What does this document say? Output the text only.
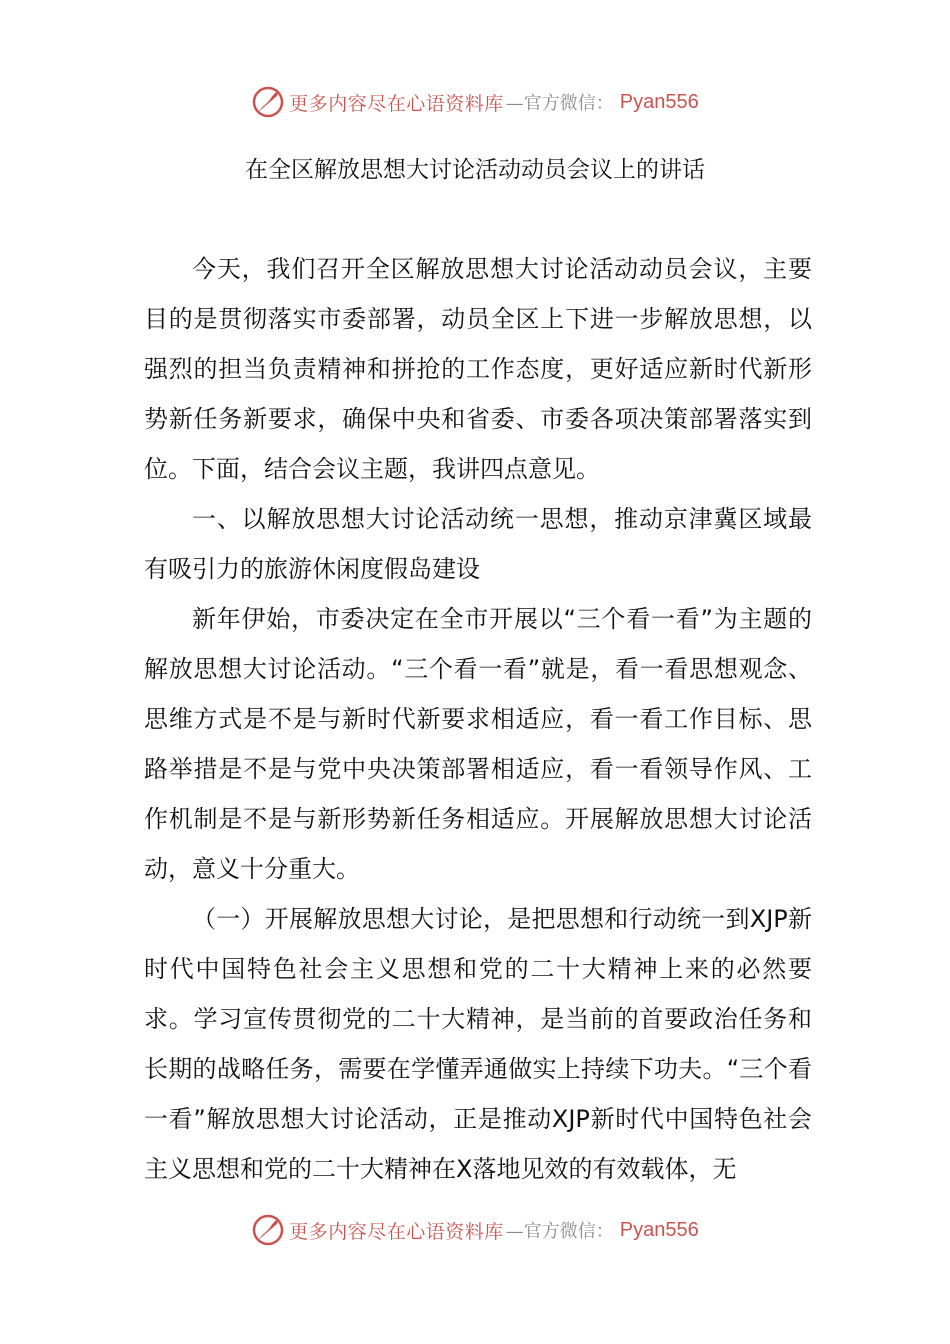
更多内容尽在心语资料库 —官方微信： Pyan556
在全区解放思想大讨论活动动员会议上的讲话

今天，我们召开全区解放思想大讨论活动动员会议，主要目的是贯彻落实市委部署，动员全区上下进一步解放思想，以强烈的担当负责精神和拼抢的工作态度，更好适应新时代新形势新任务新要求，确保中央和省委、市委各项决策部署落实到位。下面，结合会议主题，我讲四点意见。

一、以解放思想大讨论活动统一思想，推动京津冀区域最有吸引力的旅游休闲度假岛建设

新年伊始，市委决定在全市开展以“三个看一看”为主题的解放思想大讨论活动。“三个看一看”就是，看一看思想观念、思维方式是不是与新时代新要求相适应，看一看工作目标、思路举措是不是与党中央决策部署相适应，看一看领导作风、工作机制是不是与新形势新任务相适应。开展解放思想大讨论活动，意义十分重大。

（一）开展解放思想大讨论，是把思想和行动统一到XJP新时代中国特色社会主义思想和党的二十大精神上来的必然要求。学习宣传贯彻党的二十大精神，是当前的首要政治任务和长期的战略任务，需要在学懂弄通做实上持续下功夫。“三个看一看”解放思想大讨论活动，正是推动XJP新时代中国特色社会主义思想和党的二十大精神在X落地见效的有效载体，无

更多内容尽在心语资料库 —官方微信： Pyan556
